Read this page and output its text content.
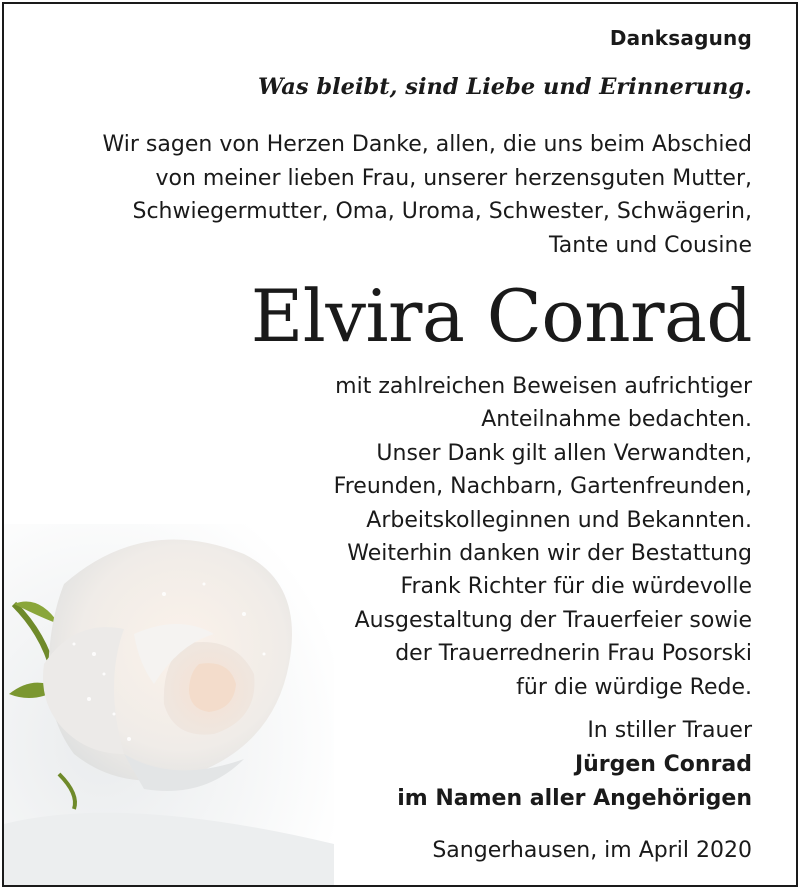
Danksagung
Was bleibt, sind Liebe und Erinnerung.
Wir sagen von Herzen Danke, allen, die uns beim Abschied
von meiner lieben Frau, unserer herzensguten Mutter,
Schwiegermutter, Oma, Uroma, Schwester, Schwägerin,
Tante und Cousine
Elvira Conrad
mit zahlreichen Beweisen aufrichtiger
Anteilnahme bedachten.
Unser Dank gilt allen Verwandten,
Freunden, Nachbarn, Gartenfreunden,
Arbeitskolleginnen und Bekannten.
Weiterhin danken wir der Bestattung
Frank Richter für die würdevolle
Ausgestaltung der Trauerfeier sowie
der Trauerrednerin Frau Posorski
für die würdige Rede.
In stiller Trauer
Jürgen Conrad
im Namen aller Angehörigen
Sangerhausen, im April 2020
